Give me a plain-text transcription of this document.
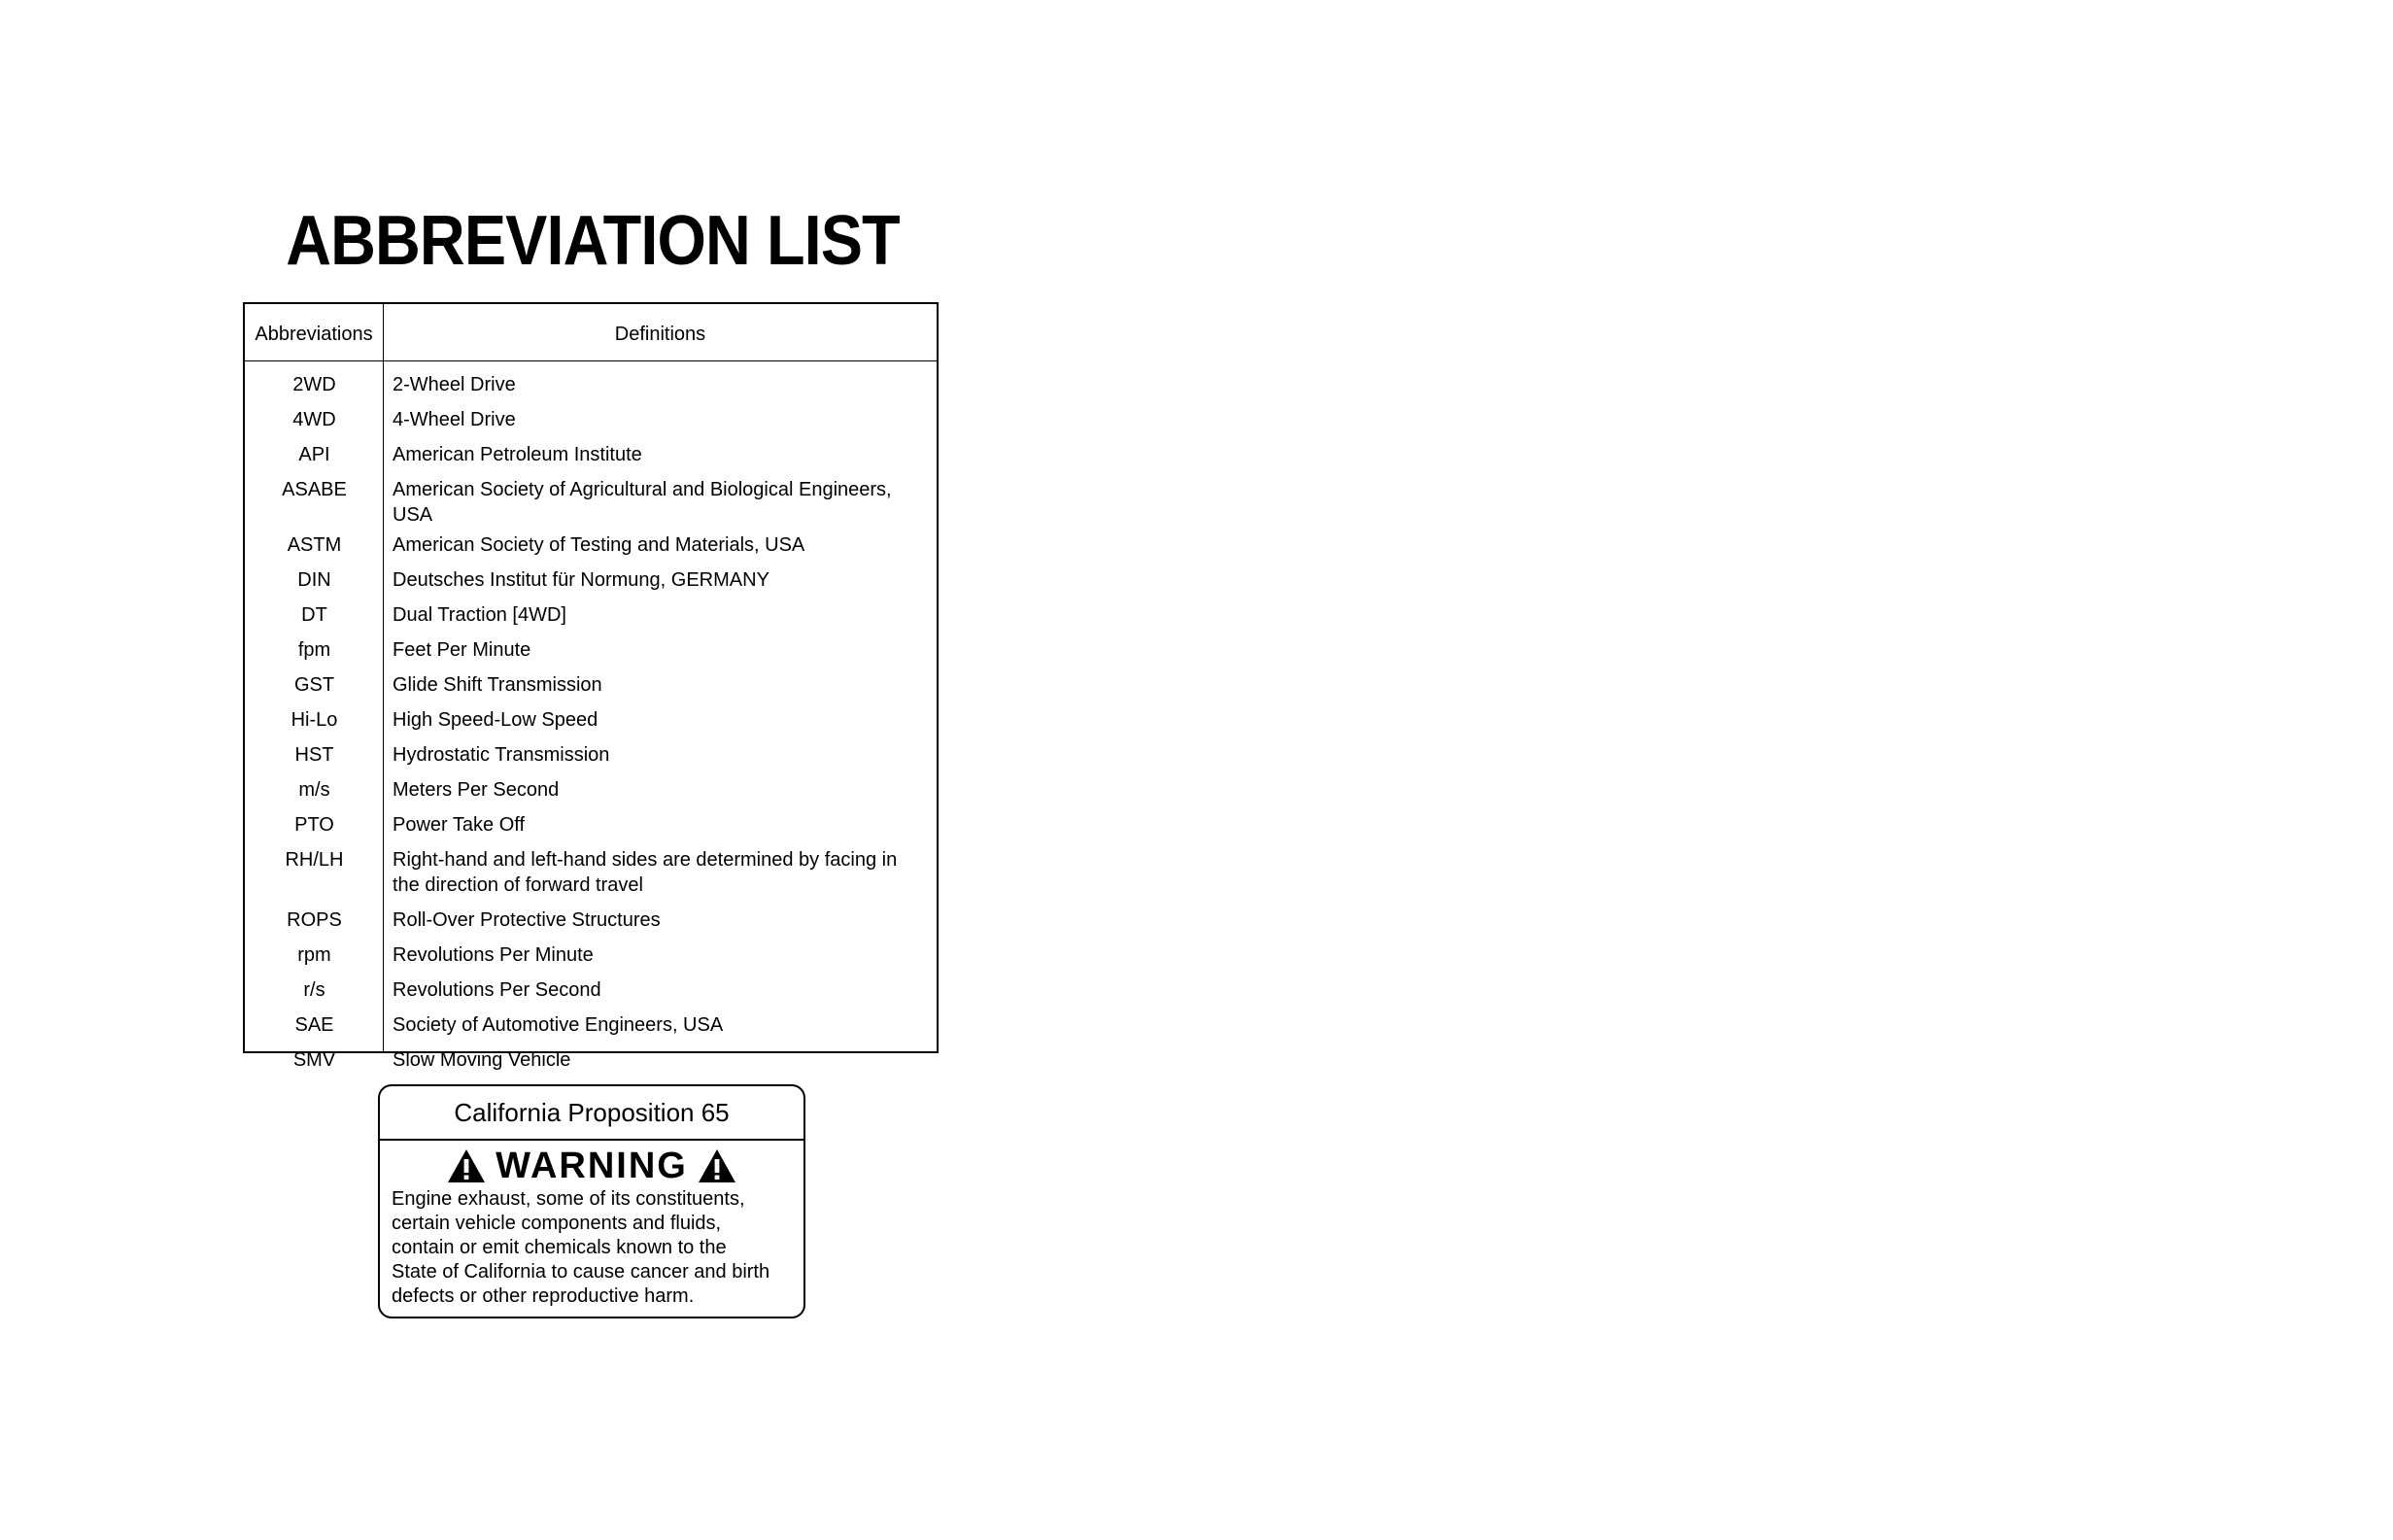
ABBREVIATION LIST
Abbreviations	Definitions
2WD	2-Wheel Drive
4WD	4-Wheel Drive
API	American Petroleum Institute
ASABE	American Society of Agricultural and Biological Engineers, USA
ASTM	American Society of Testing and Materials, USA
DIN	Deutsches Institut für Normung, GERMANY
DT	Dual Traction [4WD]
fpm	Feet Per Minute
GST	Glide Shift Transmission
Hi-Lo	High Speed-Low Speed
HST	Hydrostatic Transmission
m/s	Meters Per Second
PTO	Power Take Off
RH/LH	Right-hand and left-hand sides are determined by facing in the direction of forward travel
ROPS	Roll-Over Protective Structures
rpm	Revolutions Per Minute
r/s	Revolutions Per Second
SAE	Society of Automotive Engineers, USA
SMV	Slow Moving Vehicle
California Proposition 65
WARNING
Engine exhaust, some of its constituents,
certain vehicle components and fluids,
contain or emit chemicals known to the
State of California to cause cancer and birth
defects or other reproductive harm.
